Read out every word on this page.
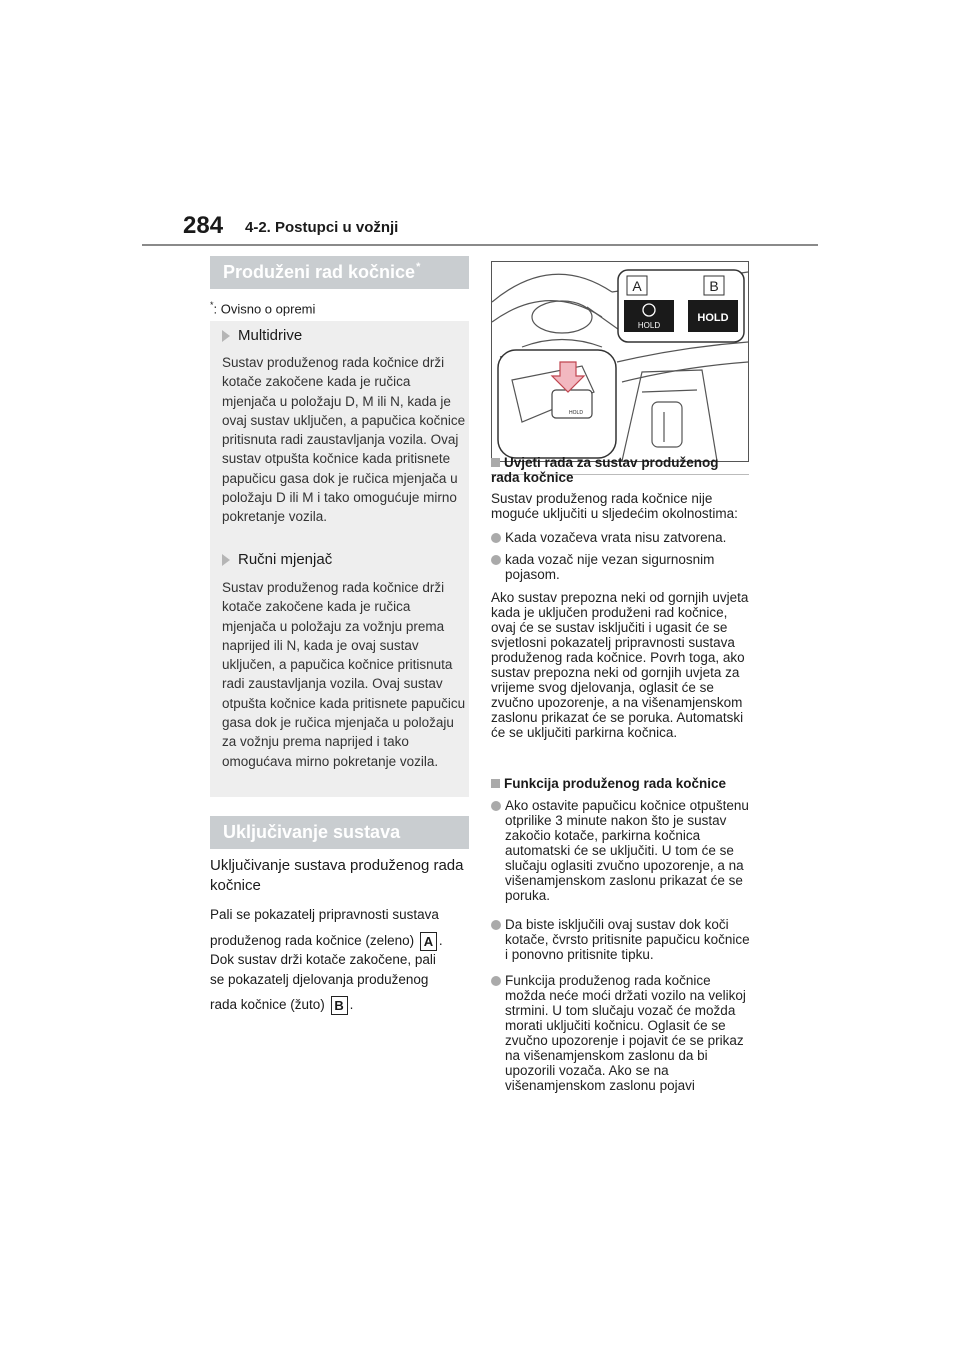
284 4-2. Postupci u vožnji
Produženi rad kočnice*
*: Ovisno o opremi
Multidrive
Sustav produženog rada kočnice drži kotače zakočene kada je ručica mjenjača u položaju D, M ili N, kada je ovaj sustav uključen, a papučica kočnice pritisnuta radi zaustavljanja vozila. Ovaj sustav otpušta kočnice kada pritisnete papučicu gasa dok je ručica mjenjača u položaju D ili M i tako omogućuje mirno pokretanje vozila.
Ručni mjenjač
Sustav produženog rada kočnice drži kotače zakočene kada je ručica mjenjača u položaju za vožnju prema naprijed ili N, kada je ovaj sustav uključen, a papučica kočnice pritisnuta radi zaustavljanja vozila. Ovaj sustav otpušta kočnice kada pritisnete papučicu gasa dok je ručica mjenjača u položaju za vožnju prema naprijed i tako omogućava mirno pokretanje vozila.
Uključivanje sustava
Uključivanje sustava produženog rada kočnice
Pali se pokazatelj pripravnosti sustava
produženog rada kočnice (zeleno) A .
Dok sustav drži kotače zakočene, pali
se pokazatelj djelovanja produženog
rada kočnice (žuto) B .
A	B
HOLD
HOLD
HOLD
Uvjeti rada za sustav produženog rada kočnice
Sustav produženog rada kočnice nije moguće uključiti u sljedećim okolnostima:
Kada vozačeva vrata nisu zatvorena.
kada vozač nije vezan sigurnosnim pojasom.
Ako sustav prepozna neki od gornjih uvjeta kada je uključen produženi rad kočnice, ovaj će se sustav isključiti i ugasit će se svjetlosni pokazatelj pripravnosti sustava produženog rada kočnice. Povrh toga, ako sustav prepozna neki od gornjih uvjeta za vrijeme svog djelovanja, oglasit će se zvučno upozorenje, a na višenamjenskom zaslonu prikazat će se poruka. Automatski će se uključiti parkirna kočnica.
Funkcija produženog rada kočnice
Ako ostavite papučicu kočnice otpuštenu otprilike 3 minute nakon što je sustav zakočio kotače, parkirna kočnica automatski će se uključiti. U tom će se slučaju oglasiti zvučno upozorenje, a na višenamjenskom zaslonu prikazat će se poruka.
Da biste isključili ovaj sustav dok koči kotače, čvrsto pritisnite papučicu kočnice i ponovno pritisnite tipku.
Funkcija produženog rada kočnice možda neće moći držati vozilo na velikoj strmini. U tom slučaju vozač će možda morati uključiti kočnicu. Oglasit će se zvučno upozorenje i pojavit će se prikaz na višenamjenskom zaslonu da bi upozorili vozača. Ako se na višenamjenskom zaslonu pojavi
